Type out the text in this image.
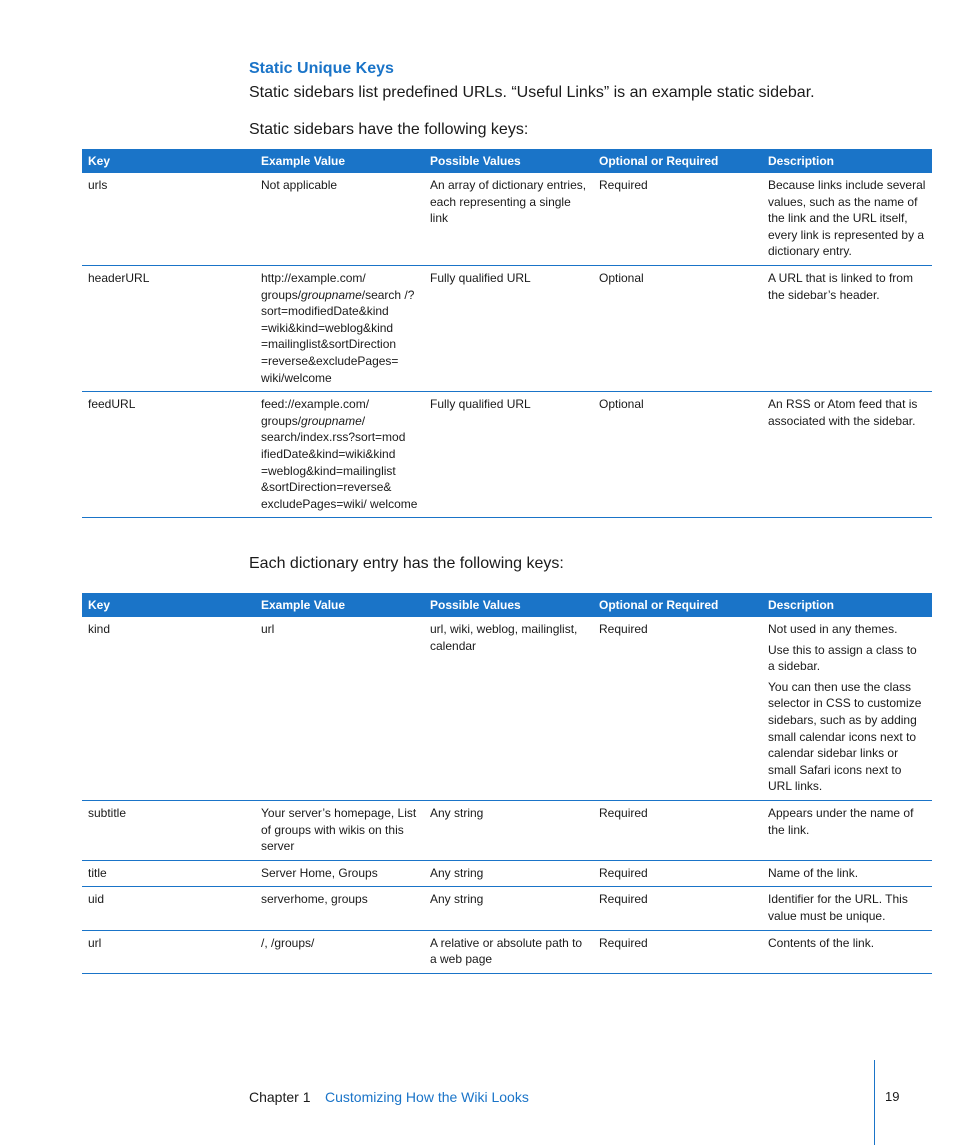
Static Unique Keys
Static sidebars list predefined URLs. “Useful Links” is an example static sidebar.
Static sidebars have the following keys:
Key	Example Value	Possible Values	Optional or Required	Description
urls	Not applicable	An array of dictionary entries, each representing a single link	Required	Because links include several values, such as the name of the link and the URL itself, every link is represented by a dictionary entry.

headerURL	http://example.com/ groups/groupname/search /?sort=modifiedDate&kind =wiki&kind=weblog&kind =mailinglist&sortDirection =reverse&excludePages= wiki/welcome	Fully qualified URL	Optional	A URL that is linked to from the sidebar’s header.

feedURL	feed://example.com/ groups/groupname/ search/index.rss?sort=mod ifiedDate&kind=wiki&kind =weblog&kind=mailinglist &sortDirection=reverse& excludePages=wiki/ welcome	Fully qualified URL	Optional	An RSS or Atom feed that is associated with the sidebar.

Each dictionary entry has the following keys:
Key	Example Value	Possible Values	Optional or Required	Description
kind	url	url, wiki, weblog, mailinglist, calendar	Required	Not used in any themes.

Use this to assign a class to a sidebar.

You can then use the class selector in CSS to customize sidebars, such as by adding small calendar icons next to calendar sidebar links or small Safari icons next to URL links.

subtitle	Your server’s homepage, List of groups with wikis on this server	Any string	Required	Appears under the name of the link.

title	Server Home, Groups	Any string	Required	Name of the link.

uid	serverhome, groups	Any string	Required	Identifier for the URL. This value must be unique.

url	/, /groups/	A relative or absolute path to a web page	Required	Contents of the link.

Chapter 1 Customizing How the Wiki Looks	19
